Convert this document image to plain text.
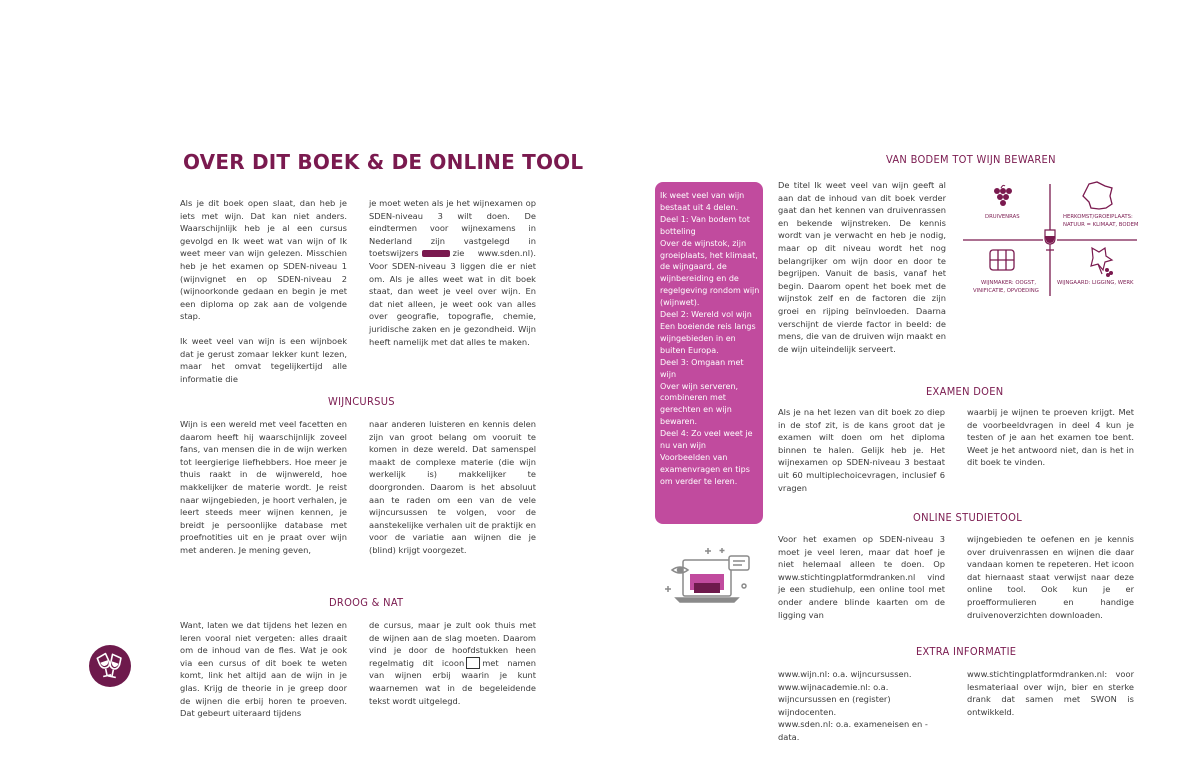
OVER DIT BOEK & DE ONLINE TOOL

Als je dit boek open slaat, dan heb je iets met wijn. Dat kan niet anders. Waarschijnlijk heb je al een cursus gevolgd en Ik weet wat van wijn of Ik weet meer van wijn gelezen. Misschien heb je het examen op SDEN-niveau 1 (wijnvignet en op SDEN-niveau 2 (wijnoorkonde gedaan en begin je met een diploma op zak aan de volgende stap.

Ik weet veel van wijn is een wijnboek dat je gerust zomaar lekker kunt lezen, maar het omvat tegelijkertijd alle informatie die

je moet weten als je het wijnexamen op SDEN-niveau 3 wilt doen. De eindtermen voor wijnexamens in Nederland zijn vastgelegd in toetswijzers	zie www.sden.nl). Voor SDEN-niveau 3 liggen die er niet om. Als je alles weet wat in dit boek staat, dan weet je veel over wijn. En dat niet alleen, je weet ook van alles over geografie, topografie, chemie, juridische zaken en je gezondheid. Wijn heeft namelijk met dat alles te maken.
WIJNCURSUS
Wijn is een wereld met veel facetten en daarom heeft hij waarschijnlijk zoveel fans, van mensen die in de wijn werken tot leergierige liefhebbers. Hoe meer je thuis raakt in de wijnwereld, hoe makkelijker de materie wordt. Je reist naar wijngebieden, je hoort verhalen, je leert steeds meer wijnen kennen, je breidt je persoonlijke database met proefnotities uit en je praat over wijn met anderen. Je mening geven,
naar anderen luisteren en kennis delen zijn van groot belang om vooruit te komen in deze wereld. Dat samenspel maakt de complexe materie (die wijn werkelijk is) makkelijker te doorgronden. Daarom is het absoluut aan te raden om een van de vele wijncursussen te volgen, voor de aanstekelijke verhalen uit de praktijk en voor de variatie aan wijnen die je (blind) krijgt voorgezet.
DROOG & NAT
Want, laten we dat tijdens het lezen en leren vooral niet vergeten: alles draait om de inhoud van de fles. Wat je ook via een cursus of dit boek te weten komt, link het altijd aan de wijn in je glas. Krijg de theorie in je greep door de wijnen die erbij horen te proeven. Dat gebeurt uiteraard tijdens
de cursus, maar je zult ook thuis met de wijnen aan de slag moeten. Daarom vind je door de hoofdstukken heen regelmatig dit icoon met namen van wijnen erbij waarin je kunt waarnemen wat in de begeleidende tekst wordt uitgelegd.
Ik weet veel van wijn bestaat uit 4 delen.
Deel 1: Van bodem tot botteling
Over de wijnstok, zijn groeiplaats, het klimaat, de wijngaard, de wijnbereiding en de regelgeving rondom wijn (wijnwet).
Deel 2: Wereld vol wijn
Een boeiende reis langs wijngebieden in en buiten Europa.
Deel 3: Omgaan met wijn
Over wijn serveren, combineren met gerechten en wijn bewaren.
Deel 4: Zo veel weet je nu van wijn
Voorbeelden van examenvragen en tips om verder te leren.
VAN BODEM TOT WIJN BEWAREN
De titel Ik weet veel van wijn geeft al aan dat de inhoud van dit boek verder gaat dan het kennen van druivenrassen en bekende wijnstreken. De kennis wordt van je verwacht en heb je nodig, maar op dit niveau wordt het nog belangrijker om wijn door en door te begrijpen. Vanuit de basis, vanaf het begin. Daarom opent het boek met de wijnstok zelf en de factoren die zijn groei en rijping beïnvloeden. Daarna verschijnt de vierde factor in beeld: de mens, die van de druiven wijn maakt en de wijn uiteindelijk serveert.
DRUIVENRAS	HERKOMST/GROEIPLAATS:
NATUUR = KLIMAAT, BODEM
WIJNMAKER: OOGST,
VINIFICATIE, OPVOEDING
WIJNGAARD: LIGGING, WERK
EXAMEN DOEN
Als je na het lezen van dit boek zo diep in de stof zit, is de kans groot dat je examen wilt doen om het diploma binnen te halen. Gelijk heb je. Het wijnexamen op SDEN-niveau 3 bestaat uit 60 multiplechoicevragen, inclusief 6 vragen
waarbij je wijnen te proeven krijgt. Met de voorbeeldvragen in deel 4 kun je testen of je aan het examen toe bent. Weet je het antwoord niet, dan is het in dit boek te vinden.
ONLINE STUDIETOOL
Voor het examen op SDEN-niveau 3 moet je veel leren, maar dat hoef je niet helemaal alleen te doen. Op www.stichtingplatformdranken.nl vind je een studiehulp, een online tool met onder andere blinde kaarten om de ligging van
wijngebieden te oefenen en je kennis over druivenrassen en wijnen die daar vandaan komen te repeteren. Het icoon dat hiernaast staat verwijst naar deze online tool. Ook kun je er proefformulieren en handige druivenoverzichten downloaden.
EXTRA INFORMATIE
www.wijn.nl: o.a. wijncursussen.
www.wijnacademie.nl: o.a. wijncursussen en (register) wijndocenten.
www.sden.nl: o.a. exameneisen en -data.
www.stichtingplatformdranken.nl: voor lesmateriaal over wijn, bier en sterke drank dat samen met SWON is ontwikkeld.
